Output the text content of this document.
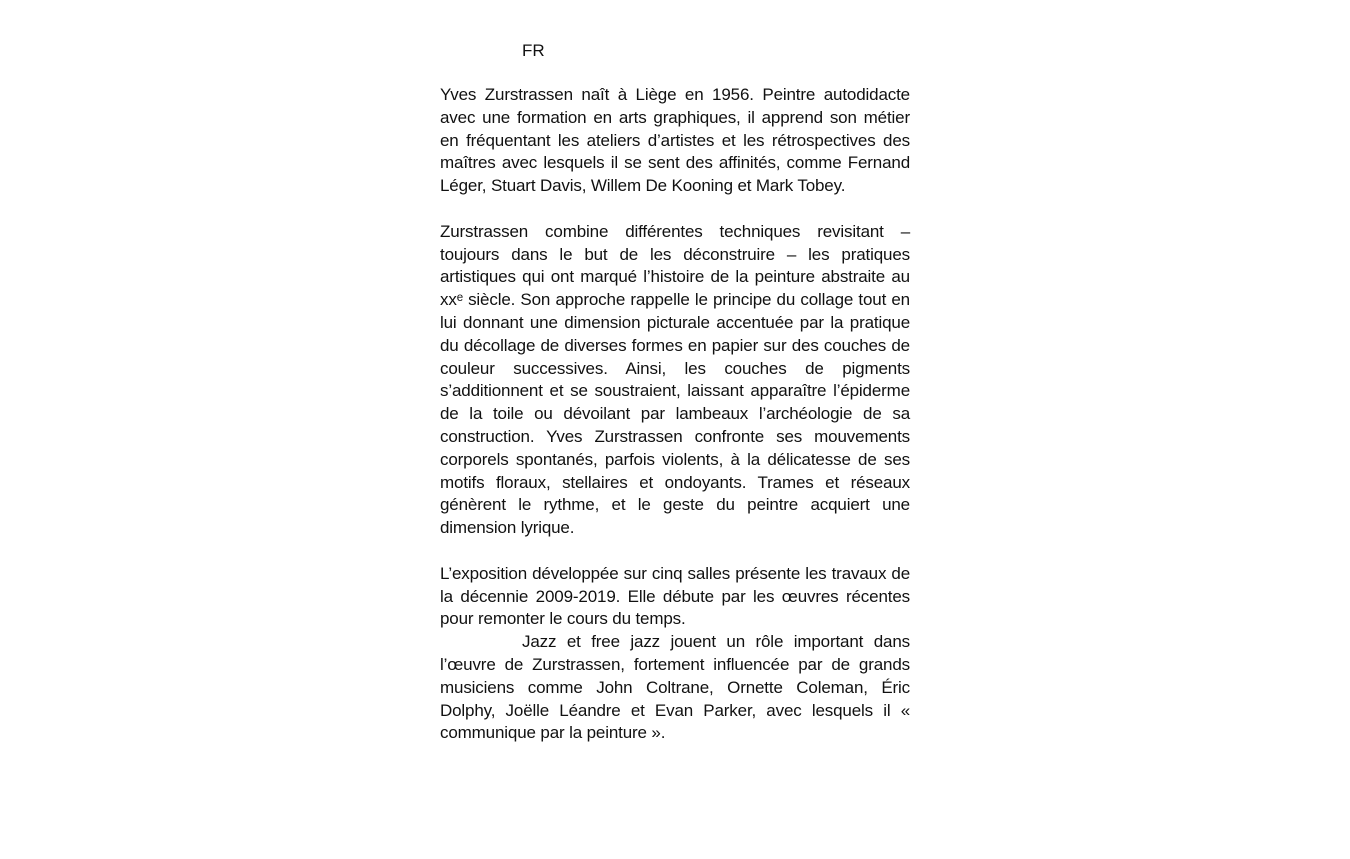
FR

Yves Zurstrassen naît à Liège en 1956. Peintre autodidacte avec une formation en arts graphiques, il apprend son métier en fréquentant les ateliers d’artistes et les rétrospectives des maîtres avec lesquels il se sent des affinités, comme Fernand Léger, Stuart Davis, Willem De Kooning et Mark Tobey.

Zurstrassen combine différentes techniques revisitant – toujours dans le but de les déconstruire – les pratiques artistiques qui ont marqué l’histoire de la peinture abstraite au xxᵉ siècle. Son approche rappelle le principe du collage tout en lui donnant une dimension picturale accentuée par la pratique du décollage de diverses formes en papier sur des couches de couleur successives. Ainsi, les couches de pigments s’additionnent et se soustraient, laissant apparaître l’épiderme de la toile ou dévoilant par lambeaux l’archéologie de sa construction. Yves Zurstrassen confronte ses mouvements corporels spontanés, parfois violents, à la délicatesse de ses motifs floraux, stellaires et ondoyants. Trames et réseaux génèrent le rythme, et le geste du peintre acquiert une dimension lyrique.

L’exposition développée sur cinq salles présente les travaux de la décennie 2009-2019. Elle débute par les œuvres récentes pour remonter le cours du temps.

Jazz et free jazz jouent un rôle important dans l’œuvre de Zurstrassen, fortement influencée par de grands musiciens comme John Coltrane, Ornette Coleman, Éric Dolphy, Joëlle Léandre et Evan Parker, avec lesquels il « communique par la peinture ».
